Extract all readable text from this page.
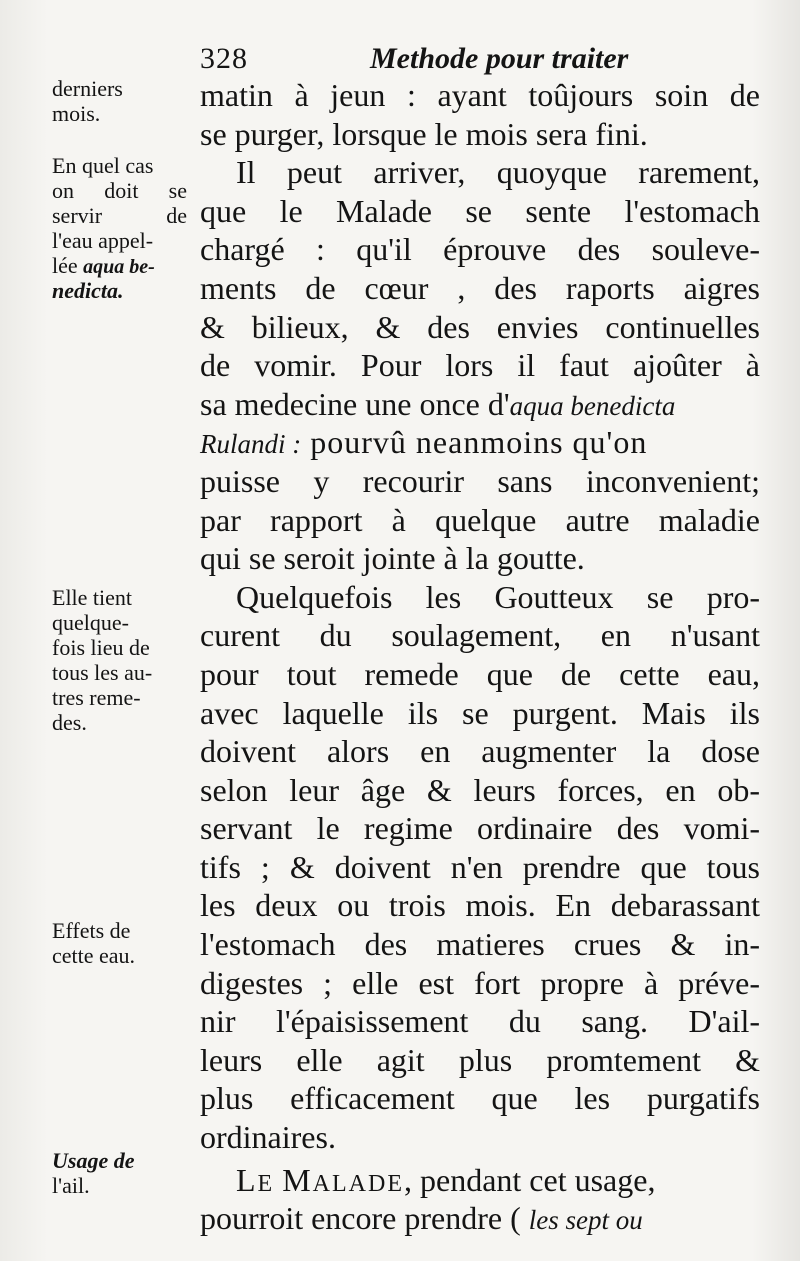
328	Methode pour traiter
derniers
mois.
En quel cas
on doit se
servir de
l'eau appel-
lée aqua be-
nedicta.
Elle tient
quelque-
fois lieu de
tous les au-
tres reme-
des.
Effets de
cette eau.
Usage de
l'ail.
matin à jeun : ayant toûjours soin de
se purger, lorsque le mois sera fini.
Il peut arriver, quoyque rarement,
que le Malade se sente l'estomach
chargé : qu'il éprouve des souleve-
ments de cœur , des raports aigres
& bilieux, & des envies continuelles
de vomir. Pour lors il faut ajoûter à
sa medecine une once d'aqua benedicta
Rulandi : pourvû neanmoins qu'on
puisse y recourir sans inconvenient;
par rapport à quelque autre maladie
qui se seroit jointe à la goutte.
Quelquefois les Goutteux se pro-
curent du soulagement, en n'usant
pour tout remede que de cette eau,
avec laquelle ils se purgent. Mais ils
doivent alors en augmenter la dose
selon leur âge & leurs forces, en ob-
servant le regime ordinaire des vomi-
tifs ; & doivent n'en prendre que tous
les deux ou trois mois. En debarassant
l'estomach des matieres crues & in-
digestes ; elle est fort propre à préve-
nir l'épaisissement du sang. D'ail-
leurs elle agit plus promtement &
plus efficacement que les purgatifs
ordinaires.
LE MALADE, pendant cet usage,
pourroit encore prendre ( les sept ou
